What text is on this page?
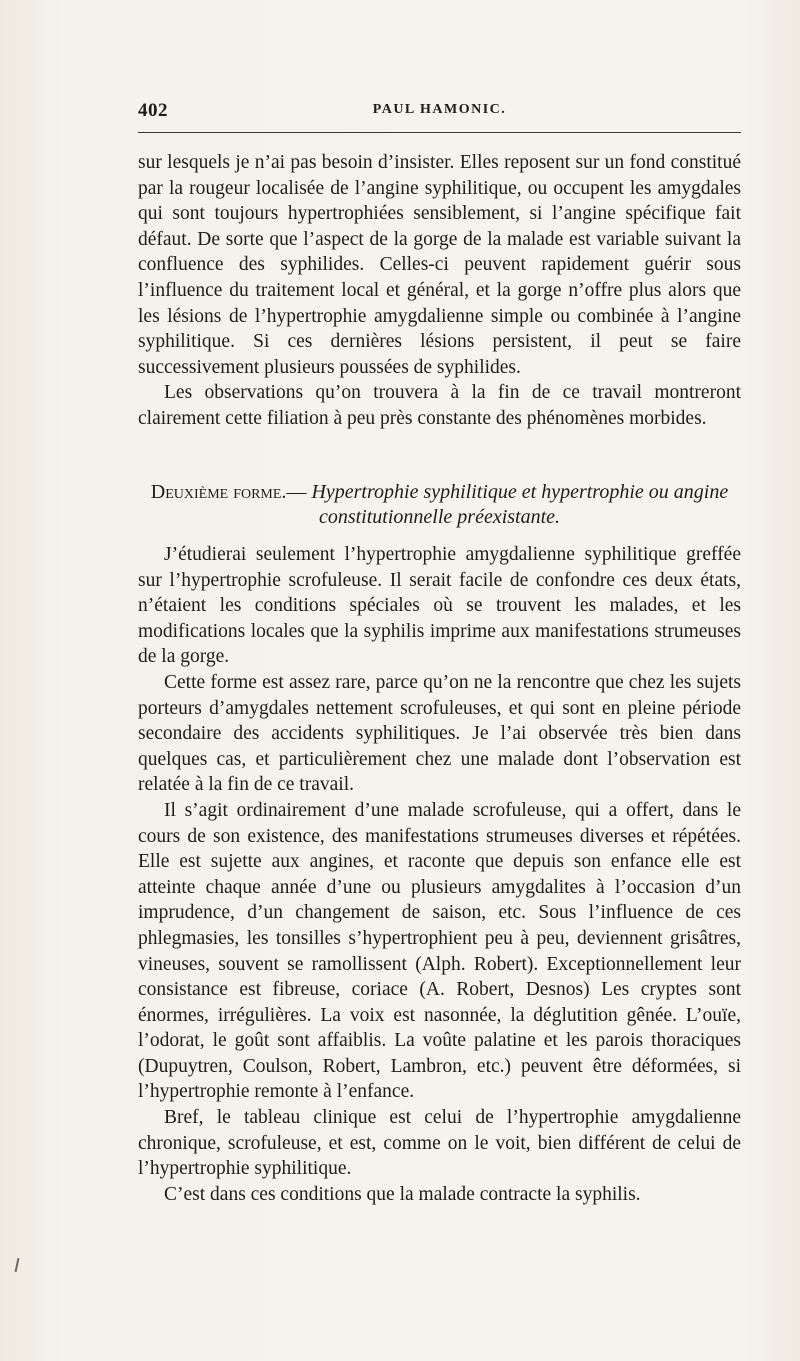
402	PAUL HAMONIC.

sur lesquels je n’ai pas besoin d’insister. Elles reposent sur un fond constitué par la rougeur localisée de l’angine syphilitique, ou occupent les amygdales qui sont toujours hypertrophiées sensiblement, si l’angine spécifique fait défaut. De sorte que l’aspect de la gorge de la malade est variable suivant la confluence des syphilides. Celles-ci peuvent rapidement guérir sous l’influence du traitement local et général, et la gorge n’offre plus alors que les lésions de l’hypertrophie amygdalienne simple ou combinée à l’angine syphilitique. Si ces dernières lésions persistent, il peut se faire successivement plusieurs poussées de syphilides.

Les observations qu’on trouvera à la fin de ce travail montreront clairement cette filiation à peu près constante des phénomènes morbides.

Deuxième forme.— Hypertrophie syphilitique et hypertrophie ou angine constitutionnelle préexistante.

J’étudierai seulement l’hypertrophie amygdalienne syphilitique greffée sur l’hypertrophie scrofuleuse. Il serait facile de confondre ces deux états, n’étaient les conditions spéciales où se trouvent les malades, et les modifications locales que la syphilis imprime aux manifestations strumeuses de la gorge.

Cette forme est assez rare, parce qu’on ne la rencontre que chez les sujets porteurs d’amygdales nettement scrofuleuses, et qui sont en pleine période secondaire des accidents syphilitiques. Je l’ai observée très bien dans quelques cas, et particulièrement chez une malade dont l’observation est relatée à la fin de ce travail.

Il s’agit ordinairement d’une malade scrofuleuse, qui a offert, dans le cours de son existence, des manifestations strumeuses diverses et répétées. Elle est sujette aux angines, et raconte que depuis son enfance elle est atteinte chaque année d’une ou plusieurs amygdalites à l’occasion d’un imprudence, d’un changement de saison, etc. Sous l’influence de ces phlegmasies, les tonsilles s’hypertrophient peu à peu, deviennent grisâtres, vineuses, souvent se ramollissent (Alph. Robert). Exceptionnellement leur consistance est fibreuse, coriace (A. Robert, Desnos) Les cryptes sont énormes, irrégulières. La voix est nasonnée, la déglutition gênée. L’ouïe, l’odorat, le goût sont affaiblis. La voûte palatine et les parois thoraciques (Dupuytren, Coulson, Robert, Lambron, etc.) peuvent être déformées, si l’hypertrophie remonte à l’enfance.

Bref, le tableau clinique est celui de l’hypertrophie amygdalienne chronique, scrofuleuse, et est, comme on le voit, bien différent de celui de l’hypertrophie syphilitique.

C’est dans ces conditions que la malade contracte la syphilis.
